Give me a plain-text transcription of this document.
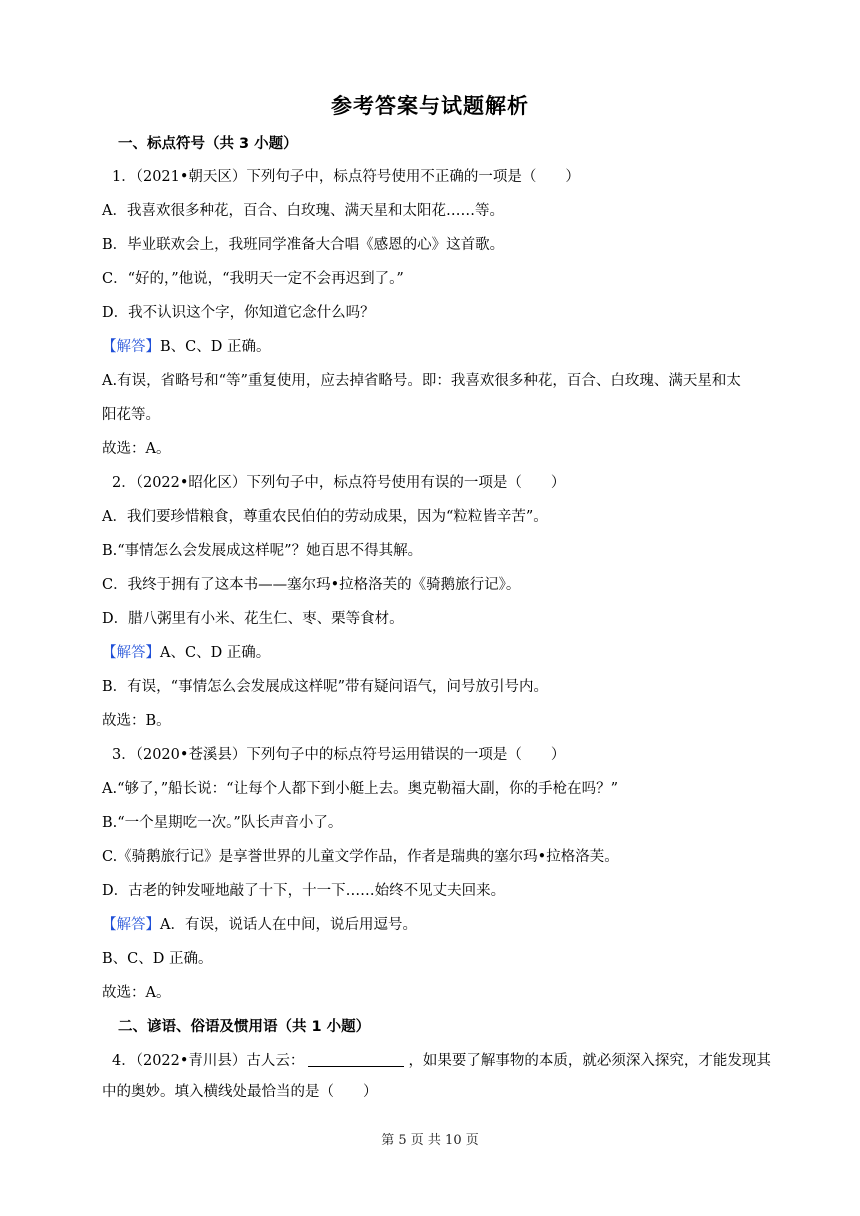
参考答案与试题解析
一、标点符号（共 3 小题）
1．（2021•朝天区）下列句子中，标点符号使用不正确的一项是（　　）
A．我喜欢很多种花，百合、白玫瑰、满天星和太阳花……等。
B．毕业联欢会上，我班同学准备大合唱《感恩的心》这首歌。
C．“好的，”他说，“我明天一定不会再迟到了。”
D．我不认识这个字，你知道它念什么吗？
【解答】B、C、D 正确。
A.有误，省略号和“等”重复使用，应去掉省略号。即：我喜欢很多种花，百合、白玫瑰、满天星和太
阳花等。
故选：A。
2．（2022•昭化区）下列句子中，标点符号使用有误的一项是（　　）
A．我们要珍惜粮食，尊重农民伯伯的劳动成果，因为“粒粒皆辛苦”。
B.“事情怎么会发展成这样呢”？她百思不得其解。
C．我终于拥有了这本书——塞尔玛•拉格洛芙的《骑鹅旅行记》。
D．腊八粥里有小米、花生仁、枣、栗等食材。
【解答】A、C、D 正确。
B．有误，“事情怎么会发展成这样呢”带有疑问语气，问号放引号内。
故选：B。
3．（2020•苍溪县）下列句子中的标点符号运用错误的一项是（　　）
A.“够了，”船长说：“让每个人都下到小艇上去。奥克勒福大副，你的手枪在吗？”
B.“一个星期吃一次。”队长声音小了。
C.《骑鹅旅行记》是享誉世界的儿童文学作品，作者是瑞典的塞尔玛•拉格洛芙。
D．古老的钟发哑地敲了十下，十一下……始终不见丈夫回来。
【解答】A．有误，说话人在中间，说后用逗号。
B、C、D 正确。
故选：A。
二、谚语、俗语及惯用语（共 1 小题）
4．（2022•青川县）古人云：	，如果要了解事物的本质，就必须深入探究，才能发现其
中的奥妙。填入横线处最恰当的是（　　）
第 5 页 共 10 页
